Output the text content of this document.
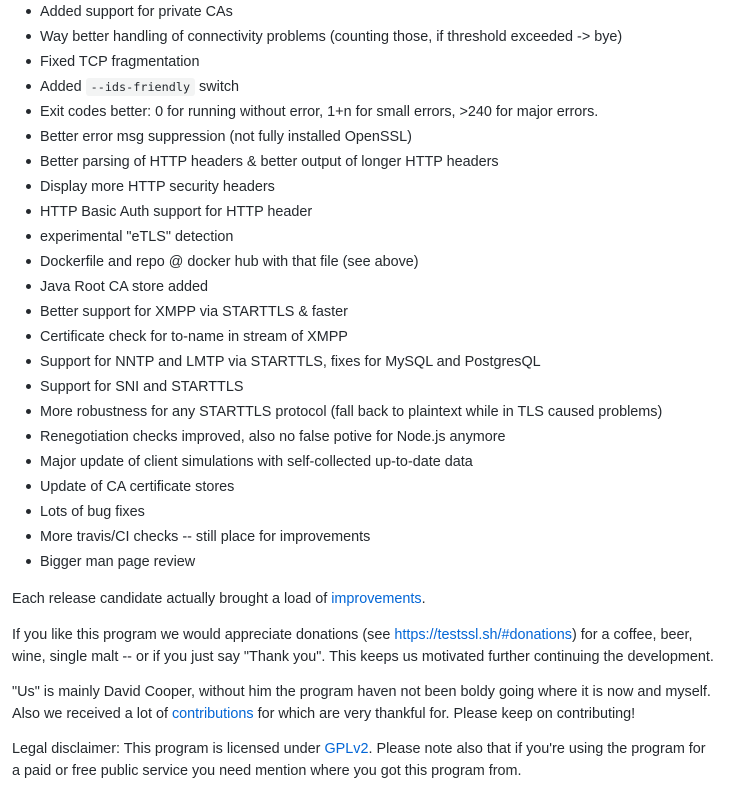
Added support for private CAs
Way better handling of connectivity problems (counting those, if threshold exceeded -> bye)
Fixed TCP fragmentation
Added --ids-friendly switch
Exit codes better: 0 for running without error, 1+n for small errors, >240 for major errors.
Better error msg suppression (not fully installed OpenSSL)
Better parsing of HTTP headers & better output of longer HTTP headers
Display more HTTP security headers
HTTP Basic Auth support for HTTP header
experimental "eTLS" detection
Dockerfile and repo @ docker hub with that file (see above)
Java Root CA store added
Better support for XMPP via STARTTLS & faster
Certificate check for to-name in stream of XMPP
Support for NNTP and LMTP via STARTTLS, fixes for MySQL and PostgresQL
Support for SNI and STARTTLS
More robustness for any STARTTLS protocol (fall back to plaintext while in TLS caused problems)
Renegotiation checks improved, also no false potive for Node.js anymore
Major update of client simulations with self-collected up-to-date data
Update of CA certificate stores
Lots of bug fixes
More travis/CI checks -- still place for improvements
Bigger man page review

Each release candidate actually brought a load of improvements.

If you like this program we would appreciate donations (see https://testssl.sh/#donations) for a coffee, beer,
wine, single malt -- or if you just say "Thank you". This keeps us motivated further continuing the development.

"Us" is mainly David Cooper, without him the program haven not been boldy going where it is now and myself.
Also we received a lot of contributions for which are very thankful for. Please keep on contributing!

Legal disclaimer: This program is licensed under GPLv2. Please note also that if you're using the program for
a paid or free public service you need mention where you got this program from.
